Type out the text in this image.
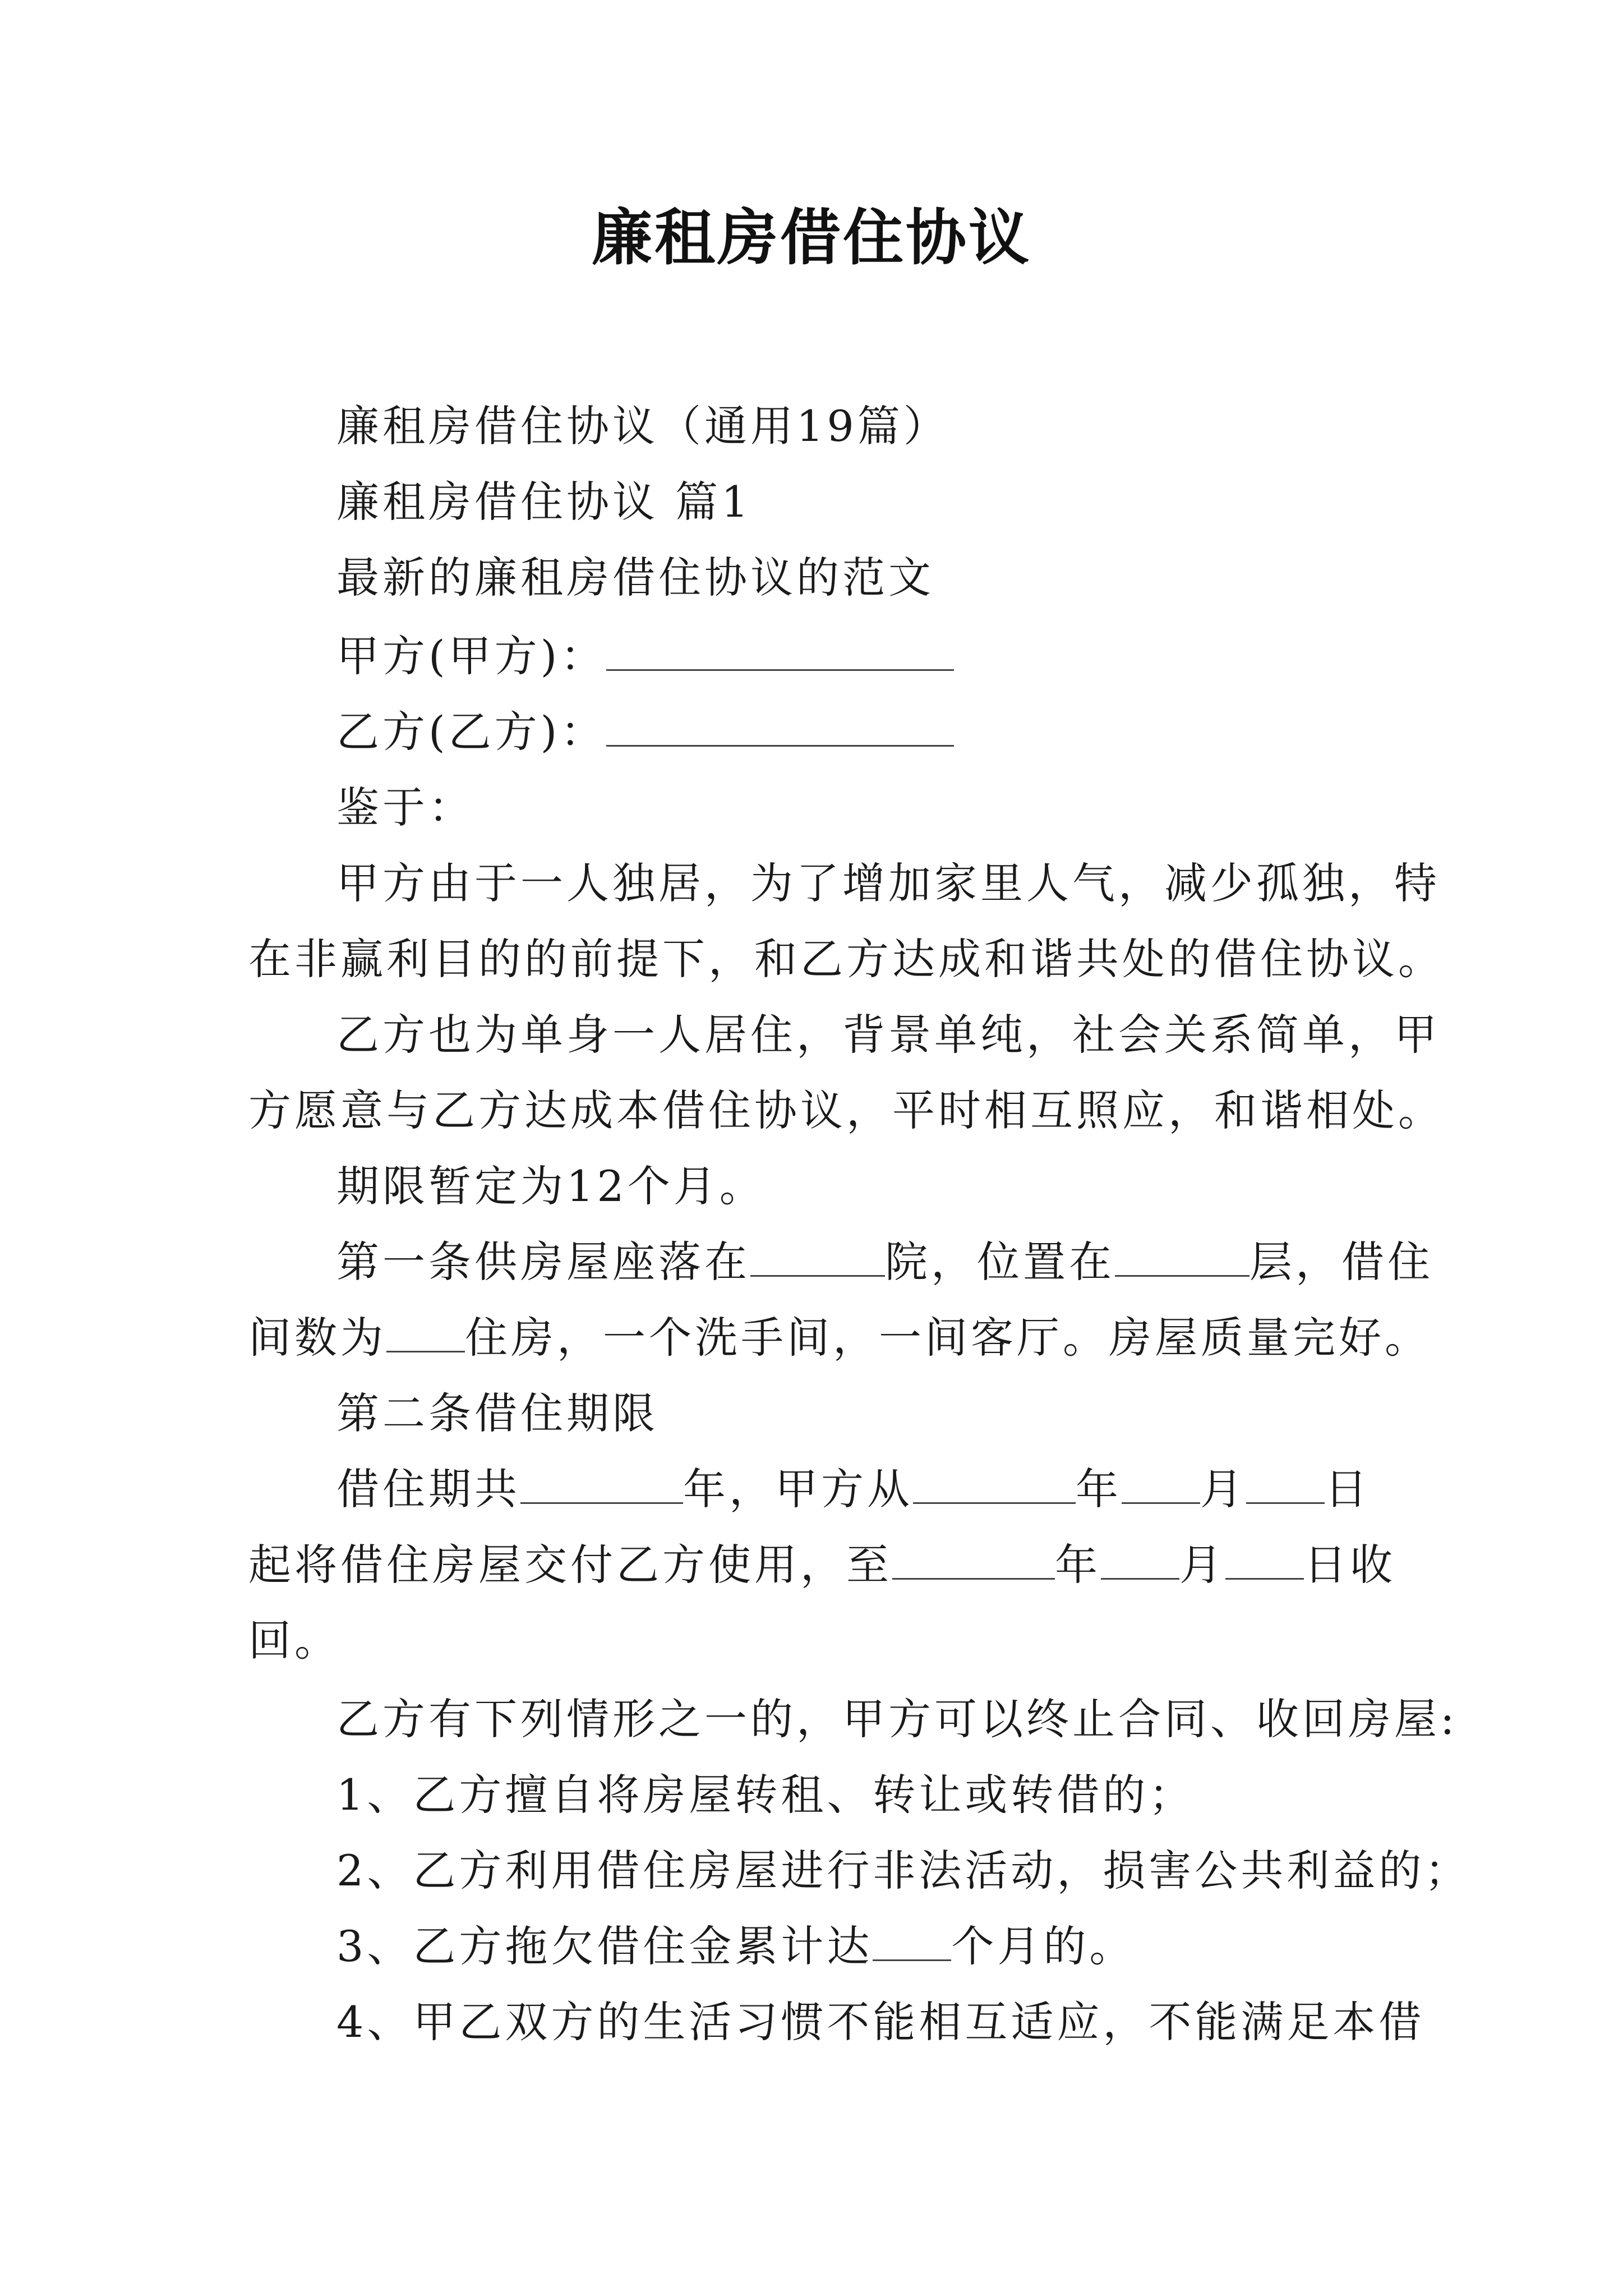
廉租房借住协议
廉租房借住协议（通用19篇）
廉租房借住协议 篇1
最新的廉租房借住协议的范文
甲方(甲方)：
乙方(乙方)：
鉴于：
甲方由于一人独居，为了增加家里人气，减少孤独，特
在非赢利目的的前提下，和乙方达成和谐共处的借住协议。
乙方也为单身一人居住，背景单纯，社会关系简单，甲
方愿意与乙方达成本借住协议，平时相互照应，和谐相处。
期限暂定为12个月。
第一条供房屋座落在	院，位置在	层，借住
间数为 住房，一个洗手间，一间客厅。房屋质量完好。
第二条借住期限
借住期共	年，甲方从	年 月 日
起将借住房屋交付乙方使用，至	年 月 日收
回。
乙方有下列情形之一的，甲方可以终止合同、收回房屋:
1、乙方擅自将房屋转租、转让或转借的；
2、乙方利用借住房屋进行非法活动，损害公共利益的；
3、乙方拖欠借住金累计达 个月的。
4、甲乙双方的生活习惯不能相互适应，不能满足本借
